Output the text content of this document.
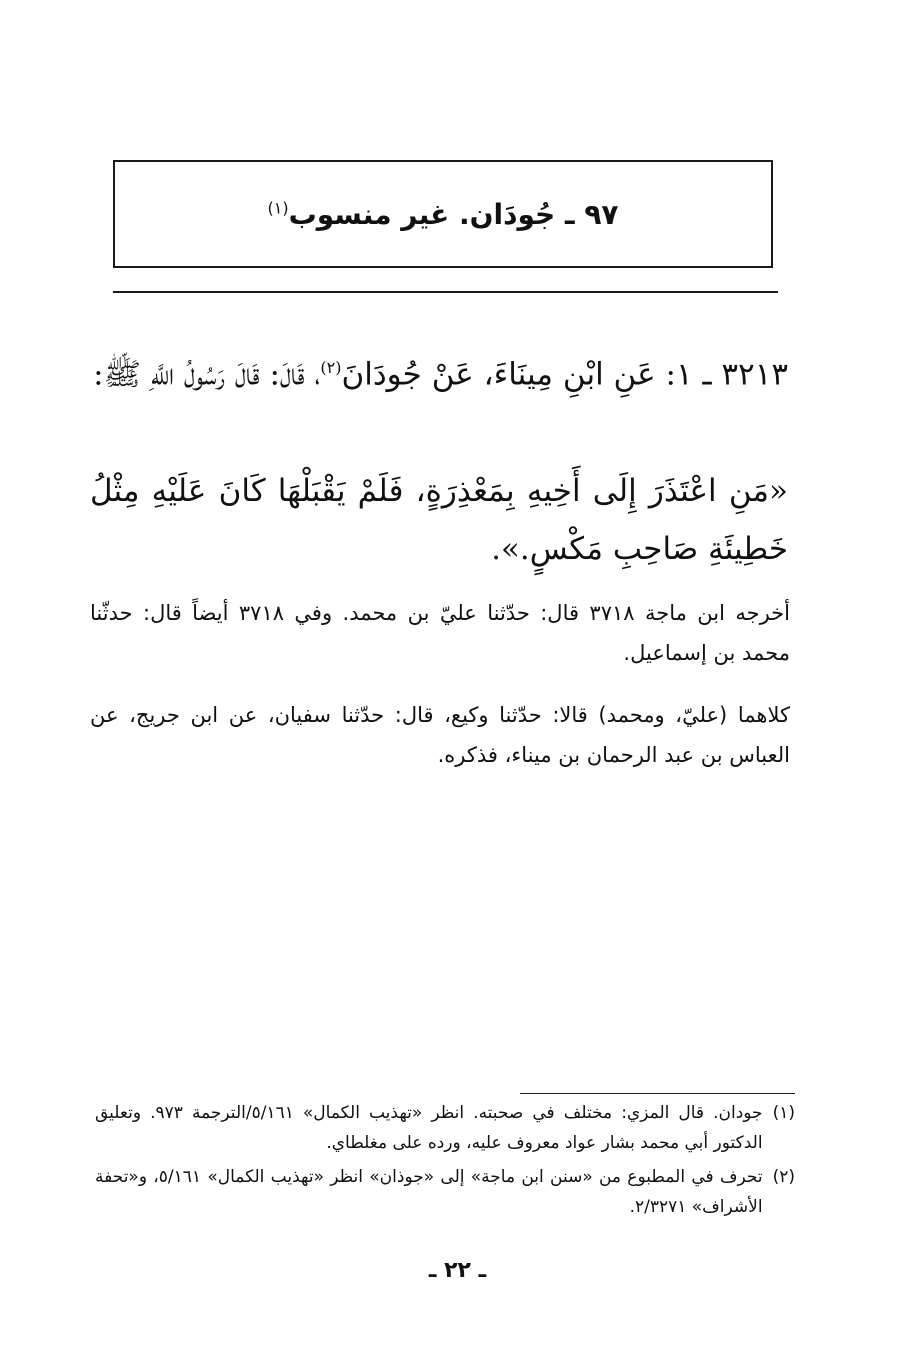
٩٧ ـ جُودَان. غير منسوب$^{(١)}$
٣٢١٣ ـ ١: عَنِ ابْنِ مِينَاءَ، عَنْ جُودَانَ$^{(٢)}$، قَالَ: قَالَ رَسُولُ اللَّهِ ﷺ:
«مَنِ اعْتَذَرَ إِلَى أَخِيهِ بِمَعْذِرَةٍ، فَلَمْ يَقْبَلْهَا كَانَ عَلَيْهِ مِثْلُ خَطِيئَةِ صَاحِبِ مَكْسٍ.».
أخرجه ابن ماجة ٣٧١٨ قال: حدّثنا عليّ بن محمد. وفي ٣٧١٨ أيضاً قال: حدثّنا محمد بن إسماعيل.
كلاهما (عليّ، ومحمد) قالا: حدّثنا وكيع، قال: حدّثنا سفيان، عن ابن جريج، عن العباس بن عبد الرحمان بن ميناء، فذكره.
(١)
جودان. قال المزي: مختلف في صحبته. انظر «تهذيب الكمال» ٥/١٦١/الترجمة ٩٧٣. وتعليق الدكتور أبي محمد بشار عواد معروف عليه، ورده على مغلطاي.
(٢)
تحرف في المطبوع من «سنن ابن ماجة» إلى «جوذان» انظر «تهذيب الكمال» ٥/١٦١، و«تحفة الأشراف» ٢/٣٢٧١.
ـ ٢٢ ـ
